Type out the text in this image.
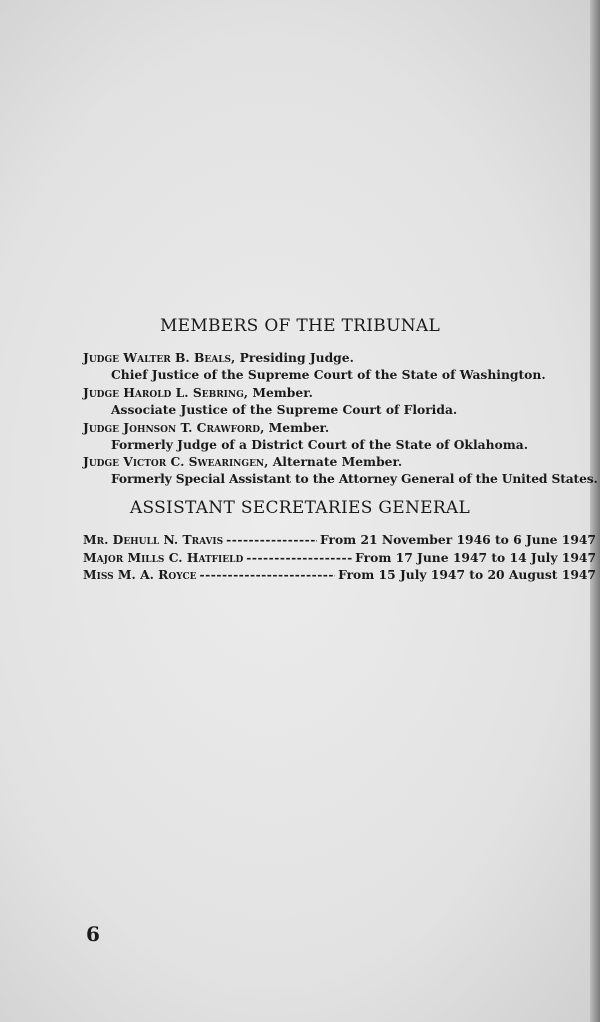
MEMBERS OF THE TRIBUNAL
Judge Walter B. Beals, Presiding Judge.
Chief Justice of the Supreme Court of the State of Washington.
Judge Harold L. Sebring, Member.
Associate Justice of the Supreme Court of Florida.
Judge Johnson T. Crawford, Member.
Formerly Judge of a District Court of the State of Oklahoma.
Judge Victor C. Swearingen, Alternate Member.
Formerly Special Assistant to the Attorney General of the United States.
ASSISTANT SECRETARIES GENERAL
Mr. Dehull N. Travis -----	From 21 November 1946 to 6 June 1947
Major Mills C. Hatfield -----	From 17 June 1947 to 14 July 1947
Miss M. A. Royce -----	From 15 July 1947 to 20 August 1947
6
